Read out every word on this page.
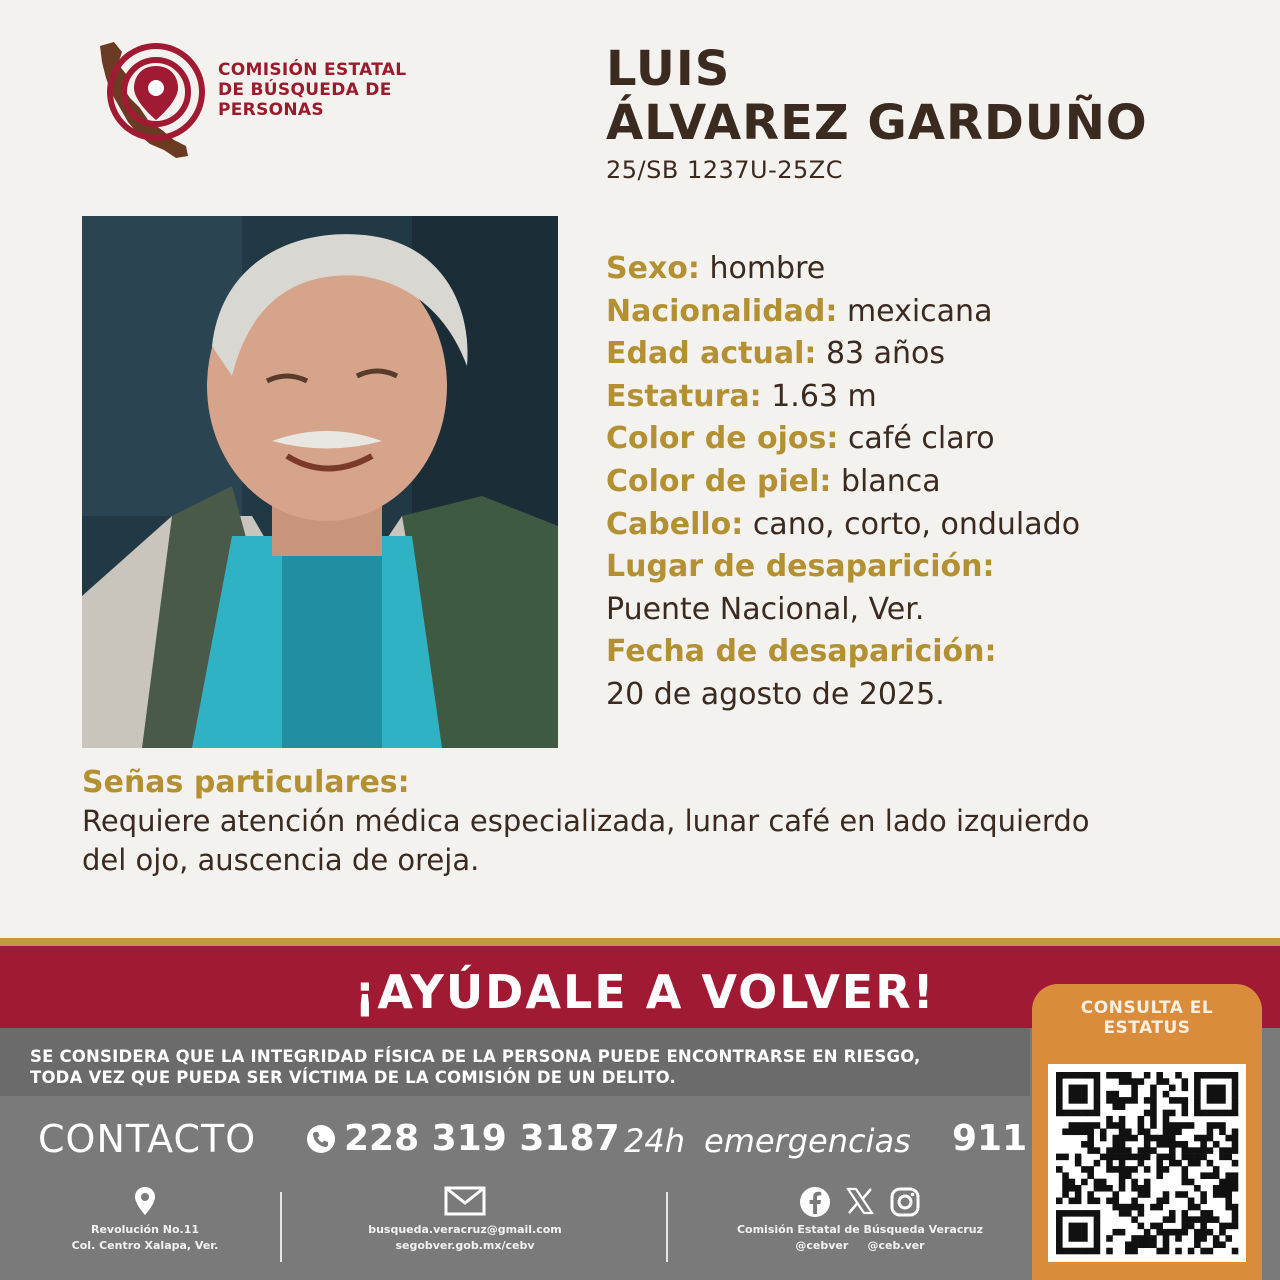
COMISIÓN ESTATAL
DE BÚSQUEDA DE
PERSONAS
LUIS
ÁLVAREZ GARDUÑO
25/SB 1237U-25ZC
Sexo: hombre
Nacionalidad: mexicana
Edad actual: 83 años
Estatura: 1.63 m
Color de ojos: café claro
Color de piel: blanca
Cabello: cano, corto, ondulado
Lugar de desaparición:
Puente Nacional, Ver.
Fecha de desaparición:
20 de agosto de 2025.
Señas particulares:
Requiere atención médica especializada, lunar café en lado izquierdo
del ojo, auscencia de oreja.
¡AYÚDALE A VOLVER!
SE CONSIDERA QUE LA INTEGRIDAD FÍSICA DE LA PERSONA PUEDE ENCONTRARSE EN RIESGO,
TODA VEZ QUE PUEDA SER VÍCTIMA DE LA COMISIÓN DE UN DELITO.
CONTACTO 228 319 3187 24h emergencias 911
Revolución No.11
Col. Centro Xalapa, Ver.
busqueda.veracruz@gmail.com
segobver.gob.mx/cebv
Comisión Estatal de Búsqueda Veracruz
@cebver @ceb.ver
CONSULTA EL
ESTATUS
